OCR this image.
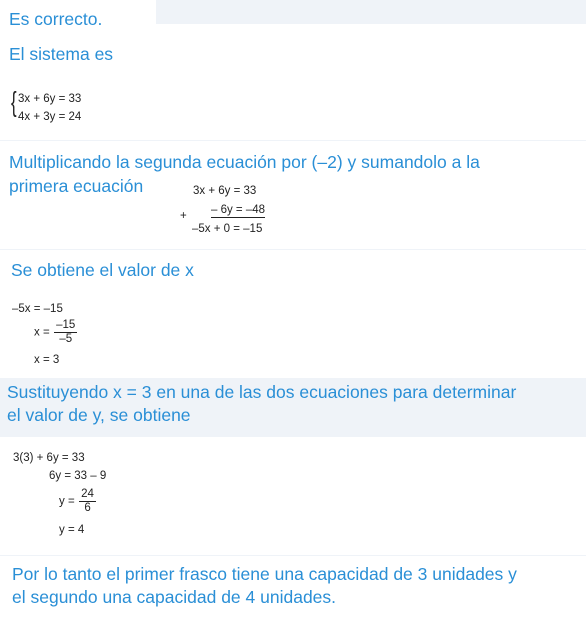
Es correcto.
El sistema es
{ 3x + 6y = 33
4x + 3y = 24
Multiplicando la segunda ecuación por (–2) y sumandolo a la
primera ecuación	3x + 6y = 33
+ – 6y = –48
–5x + 0 = –15
Se obtiene el valor de x
–5x = –15
$x = \frac{-15}{-5}$
x = 3
Sustituyendo x = 3 en una de las dos ecuaciones para determinar
el valor de y, se obtiene
3(3) + 6y = 33
6y = 33 – 9
$y = \frac{24}{6}$
y = 4
Por lo tanto el primer frasco tiene una capacidad de 3 unidades y
el segundo una capacidad de 4 unidades.
